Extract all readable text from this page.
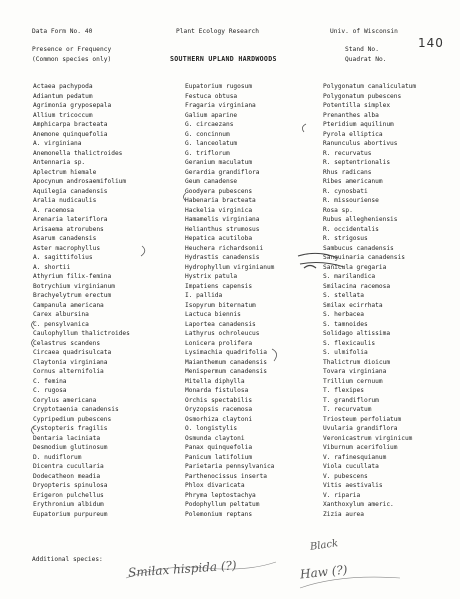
Data Form No. 40	Plant Ecology Research	Univ. of Wisconsin
140
Presence or Frequency
(Common species only)	SOUTHERN UPLAND HARDWOODS
Stand No.
Quadrat No.
Actaea pachypoda
Adiantum pedatum
Agrimonia gryposepala
Allium tricoccum
Amphicarpa bracteata
Anemone quinquefolia
A. virginiana
Anemonella thalictroides
Antennaria sp.
Aplectrum hiemale
Apocynum androsaemifolium
Aquilegia canadensis
Aralia nudicaulis
A. racemosa
Arenaria lateriflora
Arisaema atrorubens
Asarum canadensis
Aster macrophyllus
A. sagittifolius
A. shortii
Athyrium filix-femina
Botrychium virginianum
Brachyelytrum erectum
Campanula americana
Carex albursina
C. pensylvanica
Caulophyllum thalictroides
Celastrus scandens
Circaea quadrisulcata
Claytonia virginiana
Cornus alternifolia
C. femina
C. rugosa
Corylus americana
Cryptotaenia canadensis
Cypripedium pubescens
Cystopteris fragilis
Dentaria laciniata
Desmodium glutinosum
D. nudiflorum
Dicentra cucullaria
Dodecatheon meadia
Dryopteris spinulosa
Erigeron pulchellus
Erythronium albidum
Eupatorium purpureum
Eupatorium rugosum
Festuca obtusa
Fragaria virginiana
Galium aparine
G. circaezans
G. concinnum
G. lanceolatum
G. triflorum
Geranium maculatum
Gerardia grandiflora
Geum canadense
Goodyera pubescens
Habenaria bracteata
Hackelia virginica
Hamamelis virginiana
Helianthus strumosus
Hepatica acutiloba
Heuchera richardsonii
Hydrastis canadensis
Hydrophyllum virginianum
Hystrix patula
Impatiens capensis
I. pallida
Isopyrum biternatum
Lactuca biennis
Laportea canadensis
Lathyrus ochroleucus
Lonicera prolifera
Lysimachia quadrifolia
Maianthemum canadensis
Menispermum canadensis
Mitella diphylla
Monarda fistulosa
Orchis spectabilis
Oryzopsis racemosa
Osmorhiza claytoni
O. longistylis
Osmunda claytoni
Panax quinquefolia
Panicum latifolium
Parietaria pennsylvanica
Parthenocissus inserta
Phlox divaricata
Phryma leptostachya
Podophyllum peltatum
Polemonium reptans
Polygonatum canaliculatum
Polygonatum pubescens
Potentilla simplex
Prenanthes alba
Pteridium aquilinum
Pyrola elliptica
Ranunculus abortivus
R. recurvatus
R. septentrionalis
Rhus radicans
Ribes americanum
R. cynosbati
R. missouriense
Rosa sp.
Rubus allegheniensis
R. occidentalis
R. strigosus
Sambucus canadensis
Sanguinaria canadensis
Sanicula gregaria
S. marilandica
Smilacina racemosa
S. stellata
Smilax ecirrhata
S. herbacea
S. tamnoides
Solidago altissima
S. flexicaulis
S. ulmifolia
Thalictrum dioicum
Tovara virginiana
Trillium cernuum
T. flexipes
T. grandiflorum
T. recurvatum
Triosteum perfoliatum
Uvularia grandiflora
Veronicastrum virginicum
Viburnum acerifolium
V. rafinesquianum
Viola cucullata
V. pubescens
Vitis aestivalis
V. riparia
Xanthoxylum americ.
Zizia aurea
Additional species: Smilax hispida (?)
Black
Haw (?)
